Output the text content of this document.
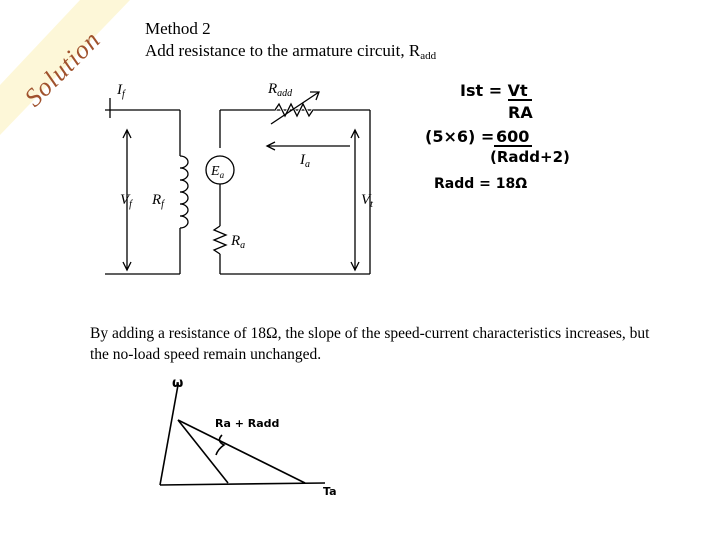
Solution Method 2
Add resistance to the armature circuit, $R_{add}$
$I_f$	$R_{add}$
$I_a$
$E_a$
$V_f$ $R_f$
$R_a$
$V_t$
Ist = Vt
RA
(5×6) = 600
(Radd+2)
Radd = 18Ω
By adding a resistance of 18Ω, the slope of the speed-current characteristics increases, but the no-load speed remain unchanged.
ω
Ta
Ra + Radd
